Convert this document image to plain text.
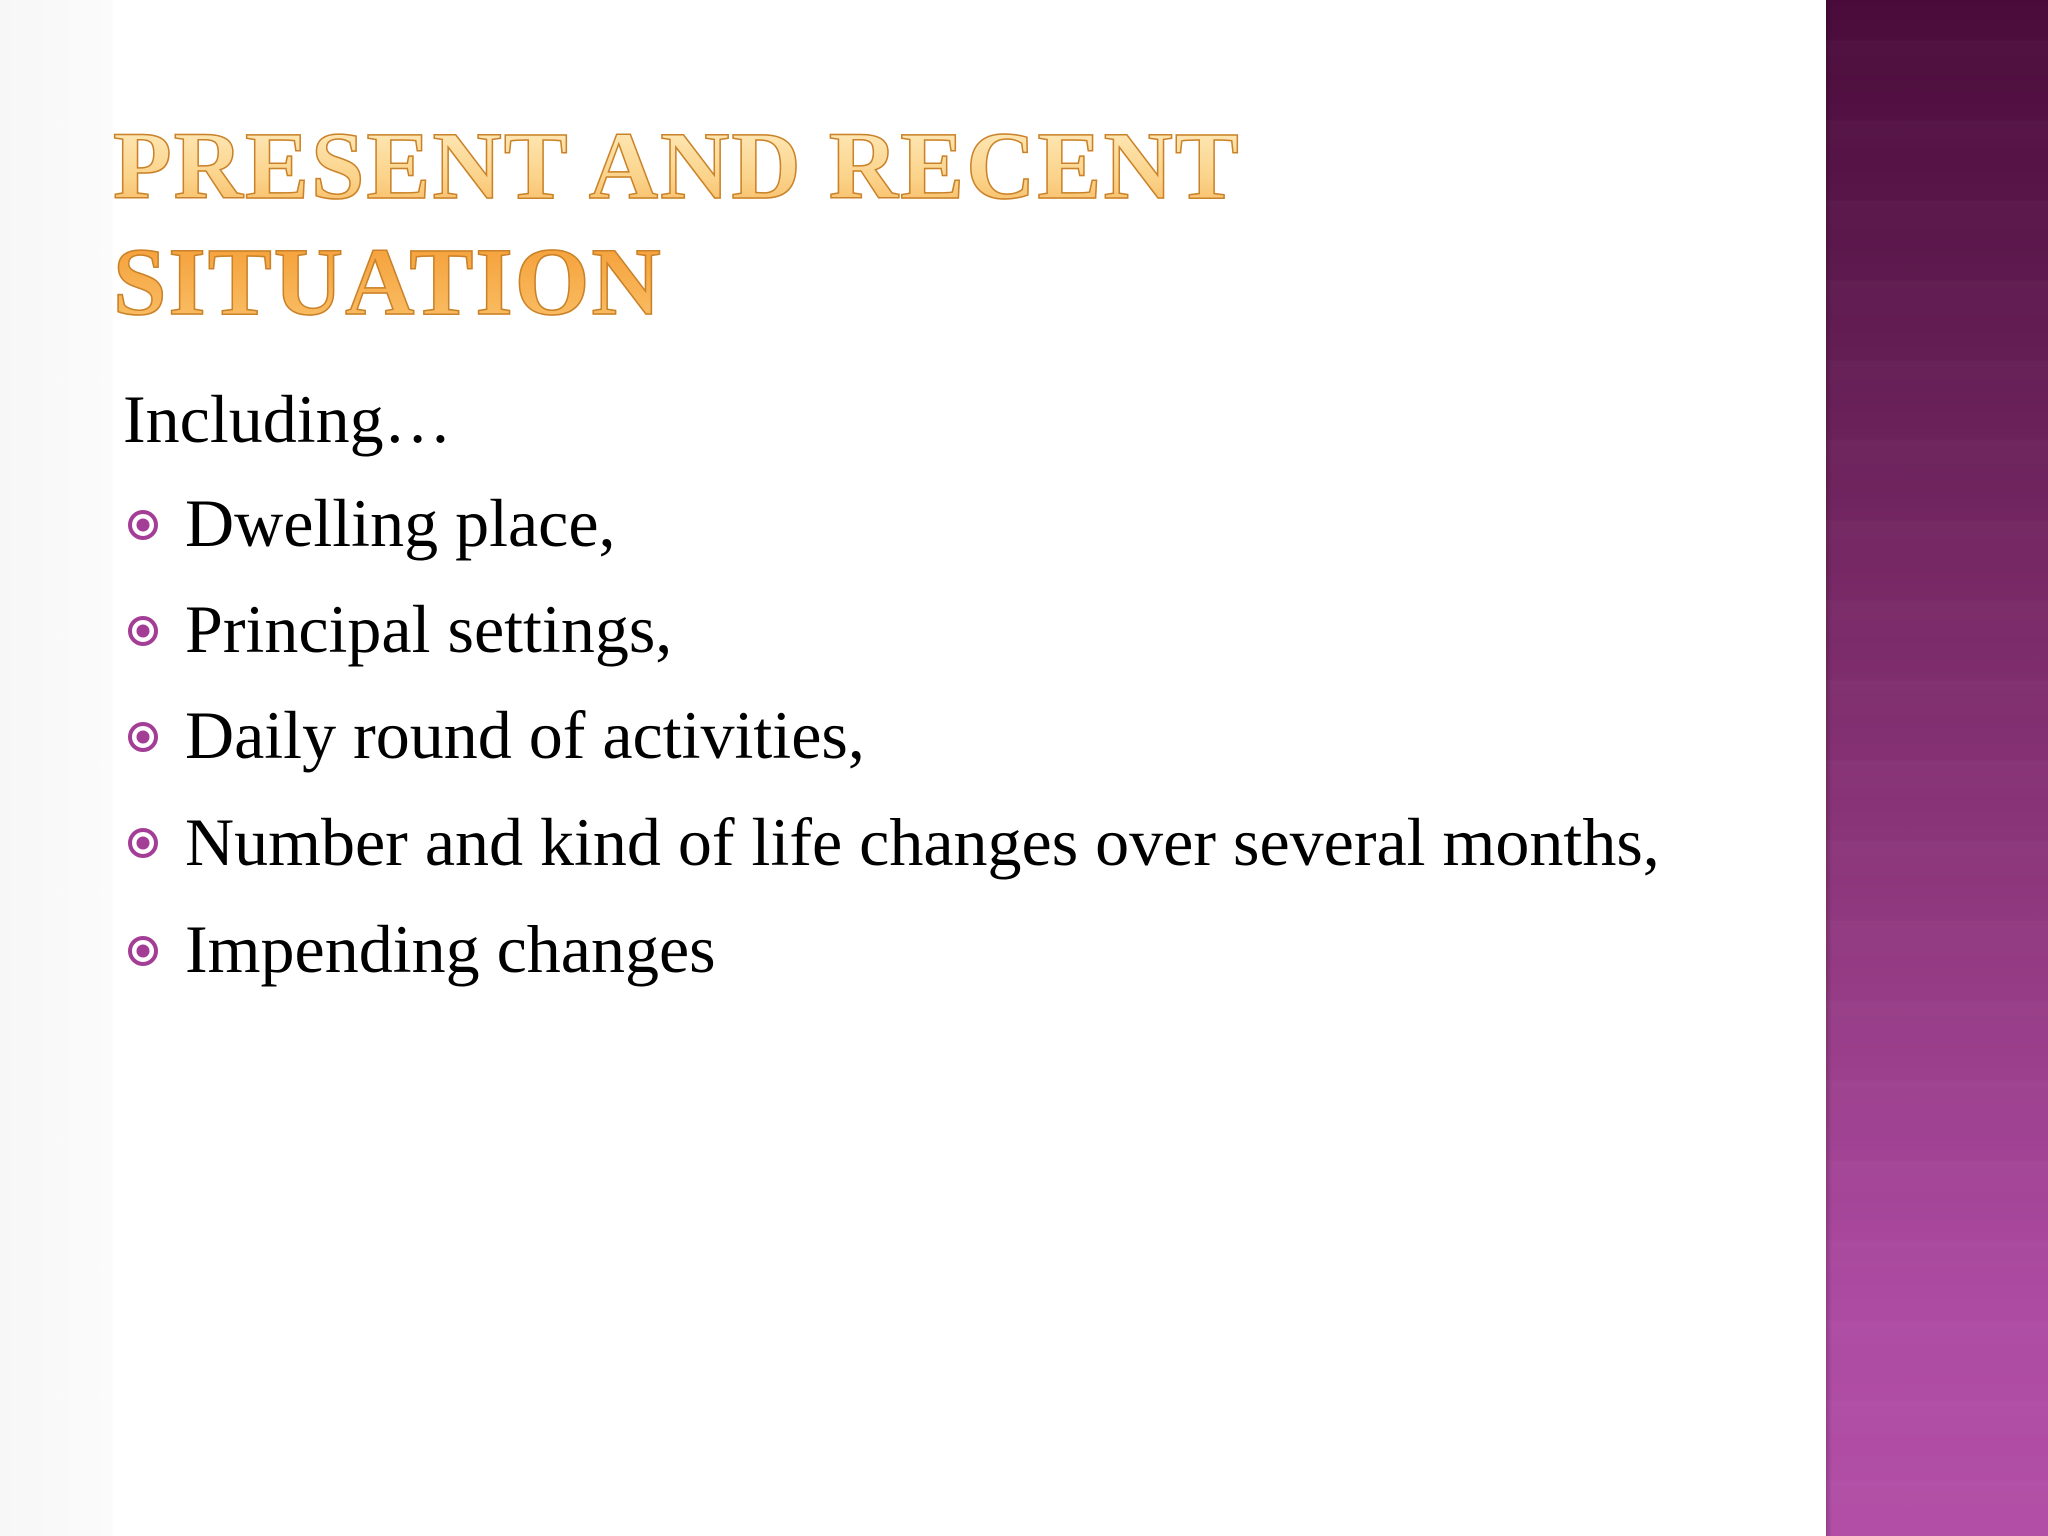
PRESENT AND RECENT SITUATION

Including…

Dwelling place,
Principal settings,
Daily round of activities,
Number and kind of life changes over several months,
Impending changes
